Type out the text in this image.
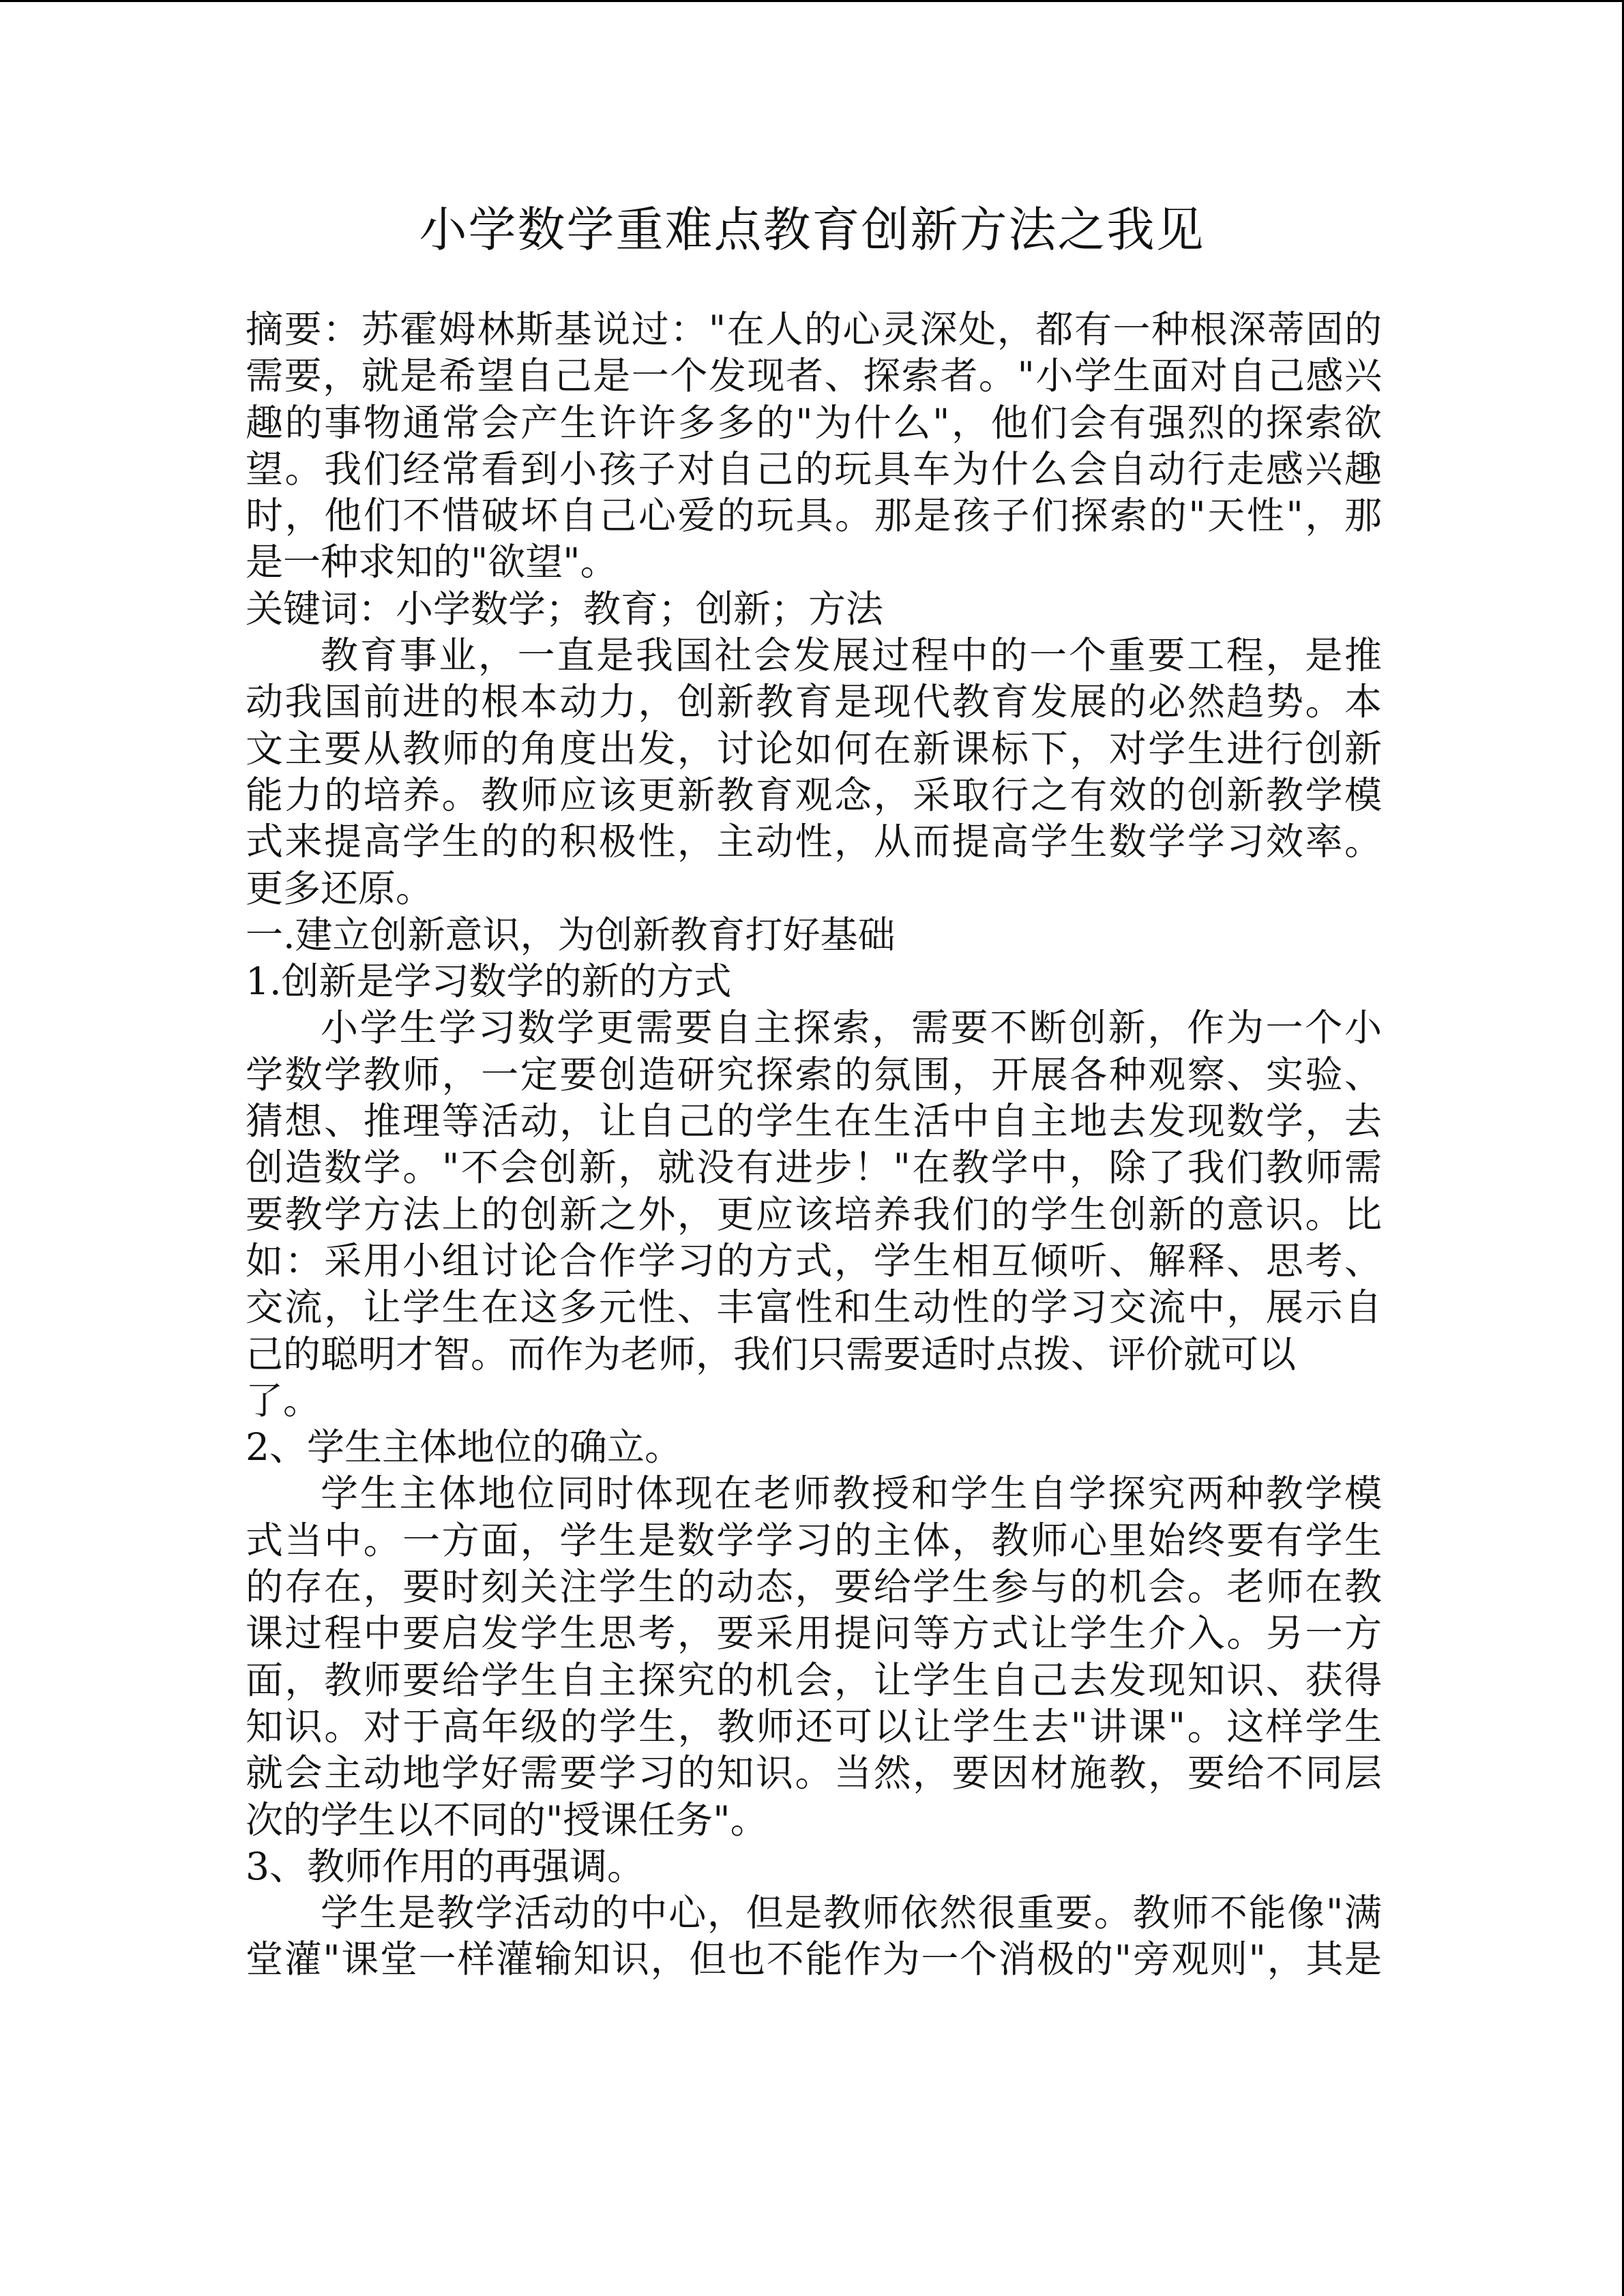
小学数学重难点教育创新方法之我见
摘要：苏霍姆林斯基说过："在人的心灵深处，都有一种根深蒂固的
需要，就是希望自己是一个发现者、探索者。"小学生面对自己感兴
趣的事物通常会产生许许多多的"为什么"，他们会有强烈的探索欲
望。我们经常看到小孩子对自己的玩具车为什么会自动行走感兴趣
时，他们不惜破坏自己心爱的玩具。那是孩子们探索的"天性"，那
是一种求知的"欲望"。
关键词：小学数学；教育；创新；方法
教育事业，一直是我国社会发展过程中的一个重要工程，是推
动我国前进的根本动力，创新教育是现代教育发展的必然趋势。本
文主要从教师的角度出发，讨论如何在新课标下，对学生进行创新
能力的培养。教师应该更新教育观念，采取行之有效的创新教学模
式来提高学生的的积极性，主动性，从而提高学生数学学习效率。
更多还原。
一.建立创新意识，为创新教育打好基础
1.创新是学习数学的新的方式
小学生学习数学更需要自主探索，需要不断创新，作为一个小
学数学教师，一定要创造研究探索的氛围，开展各种观察、实验、
猜想、推理等活动，让自己的学生在生活中自主地去发现数学，去
创造数学。"不会创新，就没有进步！"在教学中，除了我们教师需
要教学方法上的创新之外，更应该培养我们的学生创新的意识。比
如：采用小组讨论合作学习的方式，学生相互倾听、解释、思考、
交流，让学生在这多元性、丰富性和生动性的学习交流中，展示自
己的聪明才智。而作为老师，我们只需要适时点拨、评价就可以
了。
2、学生主体地位的确立。
学生主体地位同时体现在老师教授和学生自学探究两种教学模
式当中。一方面，学生是数学学习的主体，教师心里始终要有学生
的存在，要时刻关注学生的动态，要给学生参与的机会。老师在教
课过程中要启发学生思考，要采用提问等方式让学生介入。另一方
面，教师要给学生自主探究的机会，让学生自己去发现知识、获得
知识。对于高年级的学生，教师还可以让学生去"讲课"。这样学生
就会主动地学好需要学习的知识。当然，要因材施教，要给不同层
次的学生以不同的"授课任务"。
3、教师作用的再强调。
学生是教学活动的中心，但是教师依然很重要。教师不能像"满
堂灌"课堂一样灌输知识，但也不能作为一个消极的"旁观则"，其是
